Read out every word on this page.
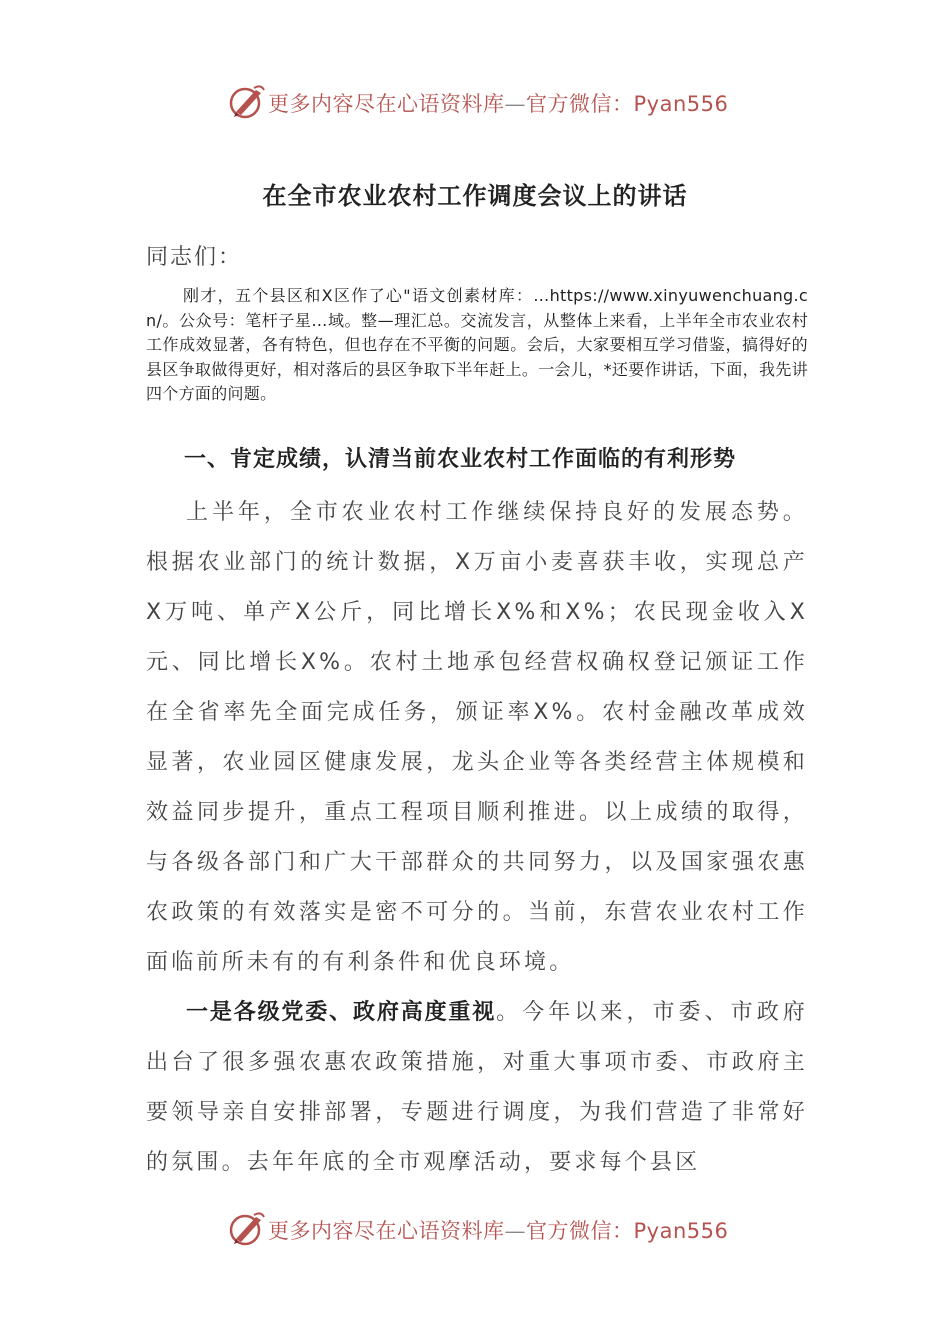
更多内容尽在心语资料库—官方微信：Pyan556
在全市农业农村工作调度会议上的讲话
同志们：
刚才，五个县区和X区作了心"语文创素材库：…https://www.xinyuwenchuang.cn/。公众号：笔杆子星…域。整—理汇总。交流发言，从整体上来看，上半年全市农业农村工作成效显著，各有特色，但也存在不平衡的问题。会后，大家要相互学习借鉴，搞得好的县区争取做得更好，相对落后的县区争取下半年赶上。一会儿，*还要作讲话，下面，我先讲四个方面的问题。
一、肯定成绩，认清当前农业农村工作面临的有利形势
上半年，全市农业农村工作继续保持良好的发展态势。根据农业部门的统计数据，X万亩小麦喜获丰收，实现总产X万吨、单产X公斤，同比增长X%和X%；农民现金收入X元、同比增长X%。农村土地承包经营权确权登记颁证工作在全省率先全面完成任务，颁证率X%。农村金融改革成效显著，农业园区健康发展，龙头企业等各类经营主体规模和效益同步提升，重点工程项目顺利推进。以上成绩的取得，与各级各部门和广大干部群众的共同努力，以及国家强农惠农政策的有效落实是密不可分的。当前，东营农业农村工作面临前所未有的有利条件和优良环境。
一是各级党委、政府高度重视。今年以来，市委、市政府出台了很多强农惠农政策措施，对重大事项市委、市政府主要领导亲自安排部署，专题进行调度，为我们营造了非常好的氛围。去年年底的全市观摩活动，要求每个县区
更多内容尽在心语资料库—官方微信：Pyan556
